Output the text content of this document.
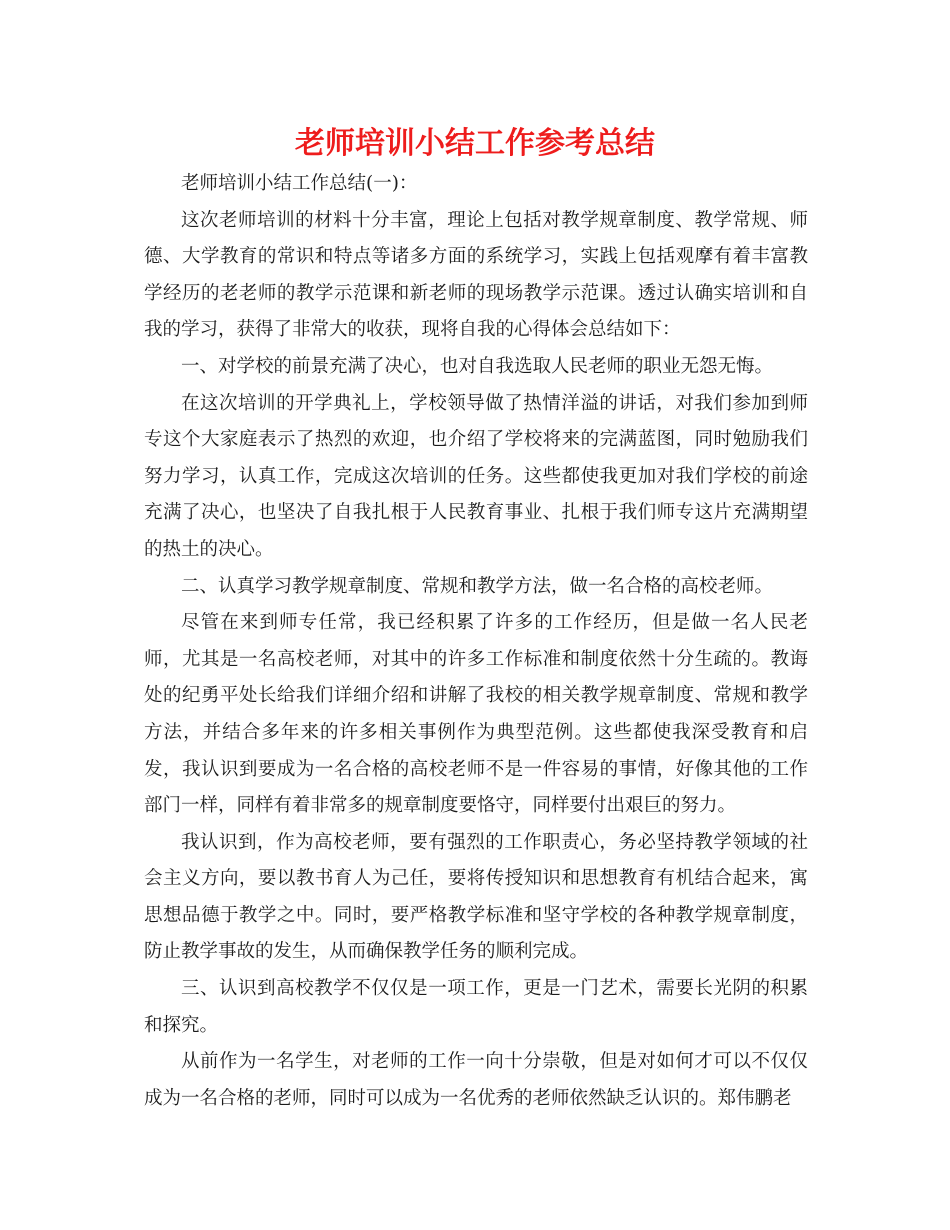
老师培训小结工作参考总结

老师培训小结工作总结(一)：

这次老师培训的材料十分丰富，理论上包括对教学规章制度、教学常规、师德、大学教育的常识和特点等诸多方面的系统学习，实践上包括观摩有着丰富教学经历的老老师的教学示范课和新老师的现场教学示范课。透过认确实培训和自我的学习，获得了非常大的收获，现将自我的心得体会总结如下：

一、对学校的前景充满了决心，也对自我选取人民老师的职业无怨无悔。

在这次培训的开学典礼上，学校领导做了热情洋溢的讲话，对我们参加到师专这个大家庭表示了热烈的欢迎，也介绍了学校将来的完满蓝图，同时勉励我们努力学习，认真工作，完成这次培训的任务。这些都使我更加对我们学校的前途充满了决心，也坚决了自我扎根于人民教育事业、扎根于我们师专这片充满期望的热土的决心。

二、认真学习教学规章制度、常规和教学方法，做一名合格的高校老师。

尽管在来到师专任常，我已经积累了许多的工作经历，但是做一名人民老师，尤其是一名高校老师，对其中的许多工作标准和制度依然十分生疏的。教诲处的纪勇平处长给我们详细介绍和讲解了我校的相关教学规章制度、常规和教学方法，并结合多年来的许多相关事例作为典型范例。这些都使我深受教育和启发，我认识到要成为一名合格的高校老师不是一件容易的事情，好像其他的工作部门一样，同样有着非常多的规章制度要恪守，同样要付出艰巨的努力。

我认识到，作为高校老师，要有强烈的工作职责心，务必坚持教学领域的社会主义方向，要以教书育人为己任，要将传授知识和思想教育有机结合起来，寓思想品德于教学之中。同时，要严格教学标准和坚守学校的各种教学规章制度，防止教学事故的发生，从而确保教学任务的顺利完成。

三、认识到高校教学不仅仅是一项工作，更是一门艺术，需要长光阴的积累和探究。

从前作为一名学生，对老师的工作一向十分崇敬，但是对如何才可以不仅仅成为一名合格的老师，同时可以成为一名优秀的老师依然缺乏认识的。郑伟鹏老
